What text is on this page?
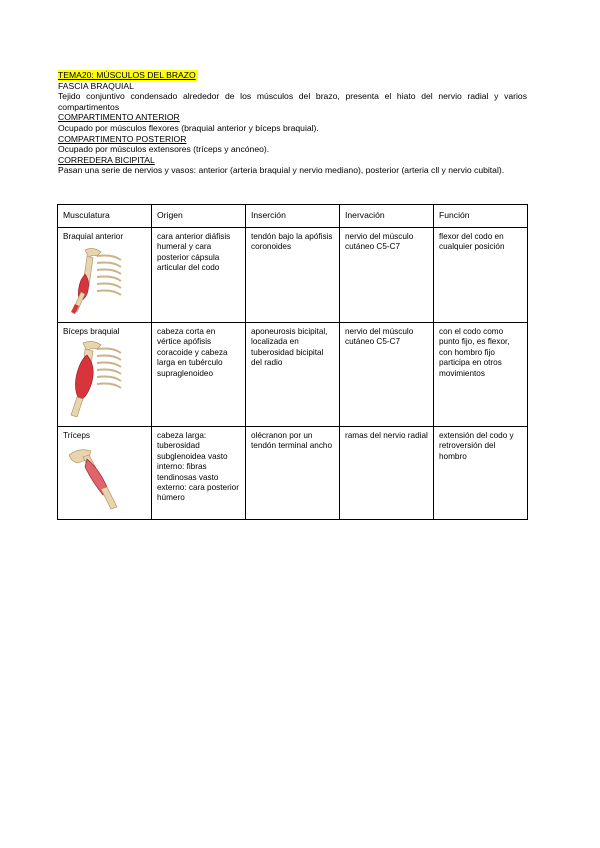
TEMA20: MÚSCULOS DEL BRAZO

FASCIA BRAQUIAL

Tejido conjuntivo condensado alrededor de los músculos del brazo, presenta el hiato del nervio radial y varios compartimentos

COMPARTIMENTO ANTERIOR

Ocupado por músculos flexores (braquial anterior y bíceps braquial).

COMPARTIMENTO POSTERIOR

Ocupado por músculos extensores (tríceps y ancóneo).

CORREDERA BICIPITAL

Pasan una serie de nervios y vasos: anterior (arteria braquial y nervio mediano), posterior (arteria cll y nervio cubital).

Musculatura	Origen	Inserción	Inervación	Función

Braquial anterior	cara anterior diáfisis humeral y cara posterior cápsula articular del codo	tendón bajo la apófisis coronoides	nervio del músculo cutáneo C5-C7	flexor del codo en cualquier posición

Bíceps braquial	cabeza corta en vértice apófisis coracoide y cabeza larga en tubérculo supraglenoideo	aponeurosis bicipital, localizada en tuberosidad bicipital del radio	nervio del músculo cutáneo C5-C7	con el codo como punto fijo, es flexor, con hombro fijo participa en otros movimientos

Tríceps	cabeza larga: tuberosidad subglenoidea vasto interno: fibras tendinosas vasto externo: cara posterior húmero	olécranon por un tendón terminal ancho	ramas del nervio radial	extensión del codo y retroversión del hombro
